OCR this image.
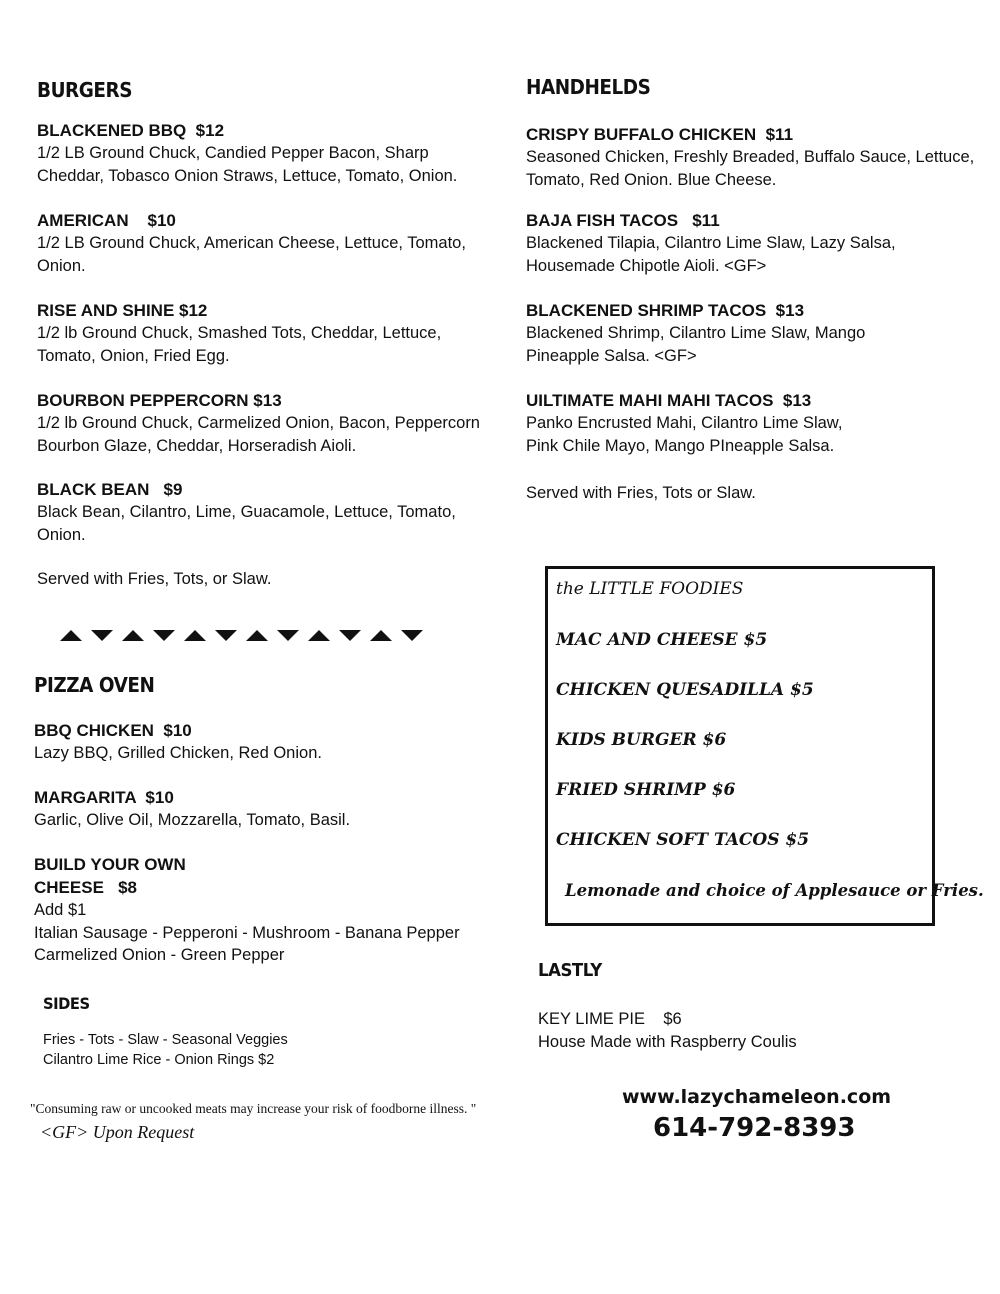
BURGERS
BLACKENED BBQ  $12
1/2 LB Ground Chuck, Candied Pepper Bacon, Sharp Cheddar, Tobasco Onion Straws, Lettuce, Tomato, Onion.
AMERICAN    $10
1/2 LB Ground Chuck, American Cheese, Lettuce, Tomato, Onion.
RISE AND SHINE $12
1/2 lb Ground Chuck, Smashed Tots, Cheddar, Lettuce, Tomato, Onion, Fried Egg.
BOURBON PEPPERCORN $13
1/2 lb Ground Chuck, Carmelized Onion, Bacon, Peppercorn Bourbon Glaze, Cheddar, Horseradish Aioli.
BLACK BEAN   $9
Black Bean, Cilantro, Lime, Guacamole, Lettuce, Tomato, Onion.
Served with Fries, Tots, or Slaw.
PIZZA OVEN
BBQ CHICKEN  $10
Lazy BBQ, Grilled Chicken, Red Onion.
MARGARITA  $10
Garlic, Olive Oil, Mozzarella, Tomato, Basil.
BUILD YOUR OWN
CHEESE   $8
Add $1
Italian Sausage - Pepperoni - Mushroom - Banana Pepper
Carmelized Onion - Green Pepper
SIDES
Fries - Tots - Slaw - Seasonal Veggies
Cilantro Lime Rice - Onion Rings $2
"Consuming raw or uncooked meats may increase your risk of foodborne illness. "
<GF> Upon Request
HANDHELDS
CRISPY BUFFALO CHICKEN  $11
Seasoned Chicken, Freshly Breaded, Buffalo Sauce, Lettuce, Tomato, Red Onion. Blue Cheese.
BAJA FISH TACOS   $11
Blackened Tilapia, Cilantro Lime Slaw, Lazy Salsa, Housemade Chipotle Aioli. <GF>
BLACKENED SHRIMP TACOS  $13
Blackened Shrimp, Cilantro Lime Slaw, Mango Pineapple Salsa. <GF>
UILTIMATE MAHI MAHI TACOS  $13
Panko Encrusted Mahi, Cilantro Lime Slaw,
Pink Chile Mayo, Mango PIneapple Salsa.
Served with Fries, Tots or Slaw.
the LITTLE FOODIES
MAC AND CHEESE $5
CHICKEN QUESADILLA $5
KIDS BURGER $6
FRIED SHRIMP $6
CHICKEN SOFT TACOS $5
Lemonade and choice of Applesauce or Fries.
LASTLY
KEY LIME PIE    $6
House Made with Raspberry Coulis
www.lazychameleon.com
614-792-8393
